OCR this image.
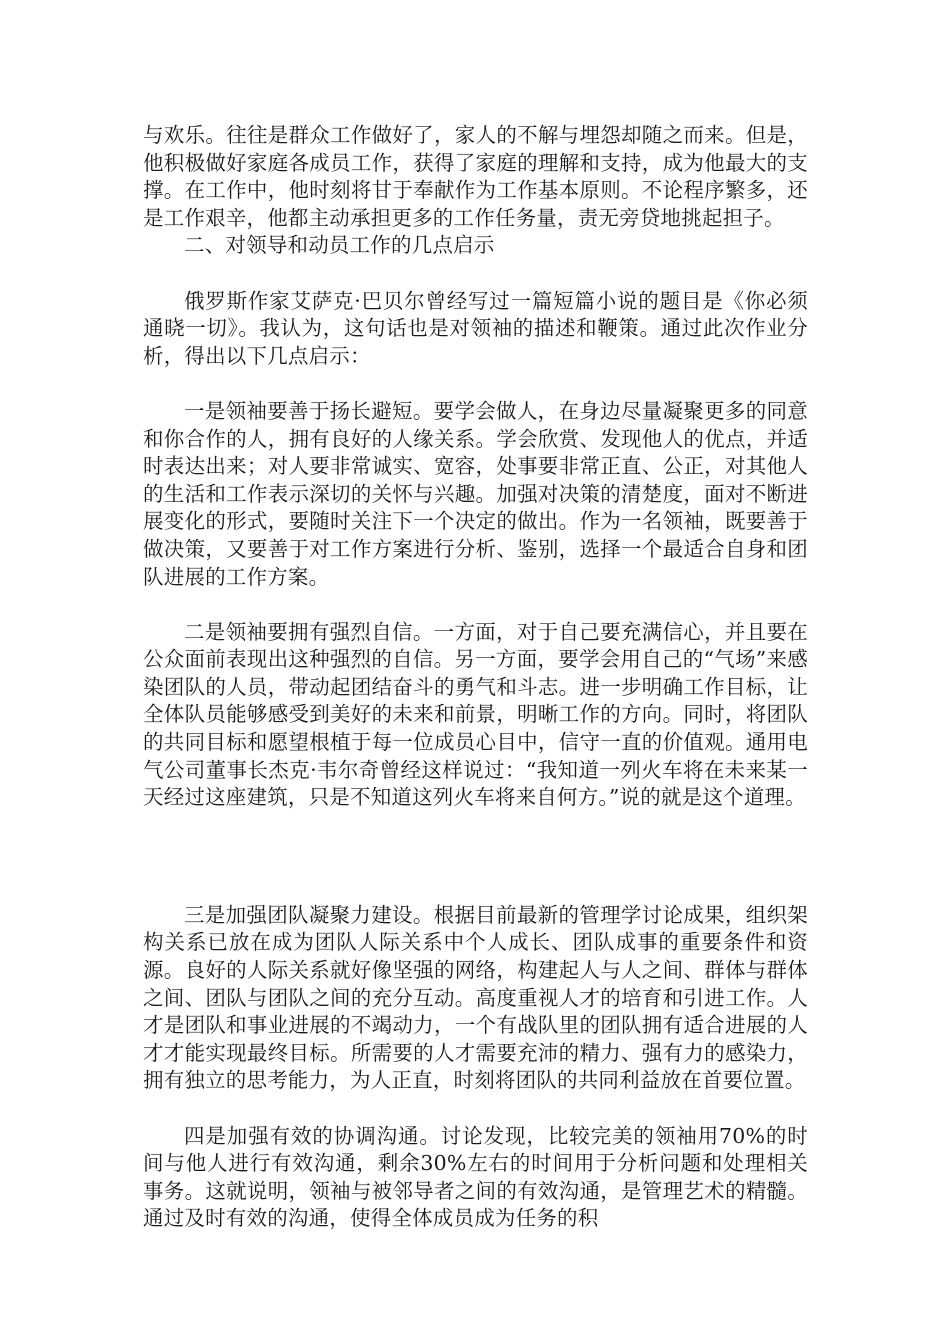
与欢乐。往往是群众工作做好了，家人的不解与埋怨却随之而来。但是，他积极做好家庭各成员工作，获得了家庭的理解和支持，成为他最大的支撑。在工作中，他时刻将甘于奉献作为工作基本原则。不论程序繁多，还是工作艰辛，他都主动承担更多的工作任务量，责无旁贷地挑起担子。

二、对领导和动员工作的几点启示

俄罗斯作家艾萨克·巴贝尔曾经写过一篇短篇小说的题目是《你必须通晓一切》。我认为，这句话也是对领袖的描述和鞭策。通过此次作业分析，得出以下几点启示：

一是领袖要善于扬长避短。要学会做人，在身边尽量凝聚更多的同意和你合作的人，拥有良好的人缘关系。学会欣赏、发现他人的优点，并适时表达出来；对人要非常诚实、宽容，处事要非常正直、公正，对其他人的生活和工作表示深切的关怀与兴趣。加强对决策的清楚度，面对不断进展变化的形式，要随时关注下一个决定的做出。作为一名领袖，既要善于做决策，又要善于对工作方案进行分析、鉴别，选择一个最适合自身和团队进展的工作方案。

二是领袖要拥有强烈自信。一方面，对于自己要充满信心，并且要在公众面前表现出这种强烈的自信。另一方面，要学会用自己的“气场”来感染团队的人员，带动起团结奋斗的勇气和斗志。进一步明确工作目标，让全体队员能够感受到美好的未来和前景，明晰工作的方向。同时，将团队的共同目标和愿望根植于每一位成员心目中，信守一直的价值观。通用电气公司董事长杰克·韦尔奇曾经这样说过：“我知道一列火车将在未来某一天经过这座建筑，只是不知道这列火车将来自何方。”说的就是这个道理。

三是加强团队凝聚力建设。根据目前最新的管理学讨论成果，组织架构关系已放在成为团队人际关系中个人成长、团队成事的重要条件和资源。良好的人际关系就好像坚强的网络，构建起人与人之间、群体与群体之间、团队与团队之间的充分互动。高度重视人才的培育和引进工作。人才是团队和事业进展的不竭动力，一个有战队里的团队拥有适合进展的人才才能实现最终目标。所需要的人才需要充沛的精力、强有力的感染力，拥有独立的思考能力，为人正直，时刻将团队的共同利益放在首要位置。

四是加强有效的协调沟通。讨论发现，比较完美的领袖用70%的时间与他人进行有效沟通，剩余30%左右的时间用于分析问题和处理相关事务。这就说明，领袖与被邻导者之间的有效沟通，是管理艺术的精髓。通过及时有效的沟通，使得全体成员成为任务的积
